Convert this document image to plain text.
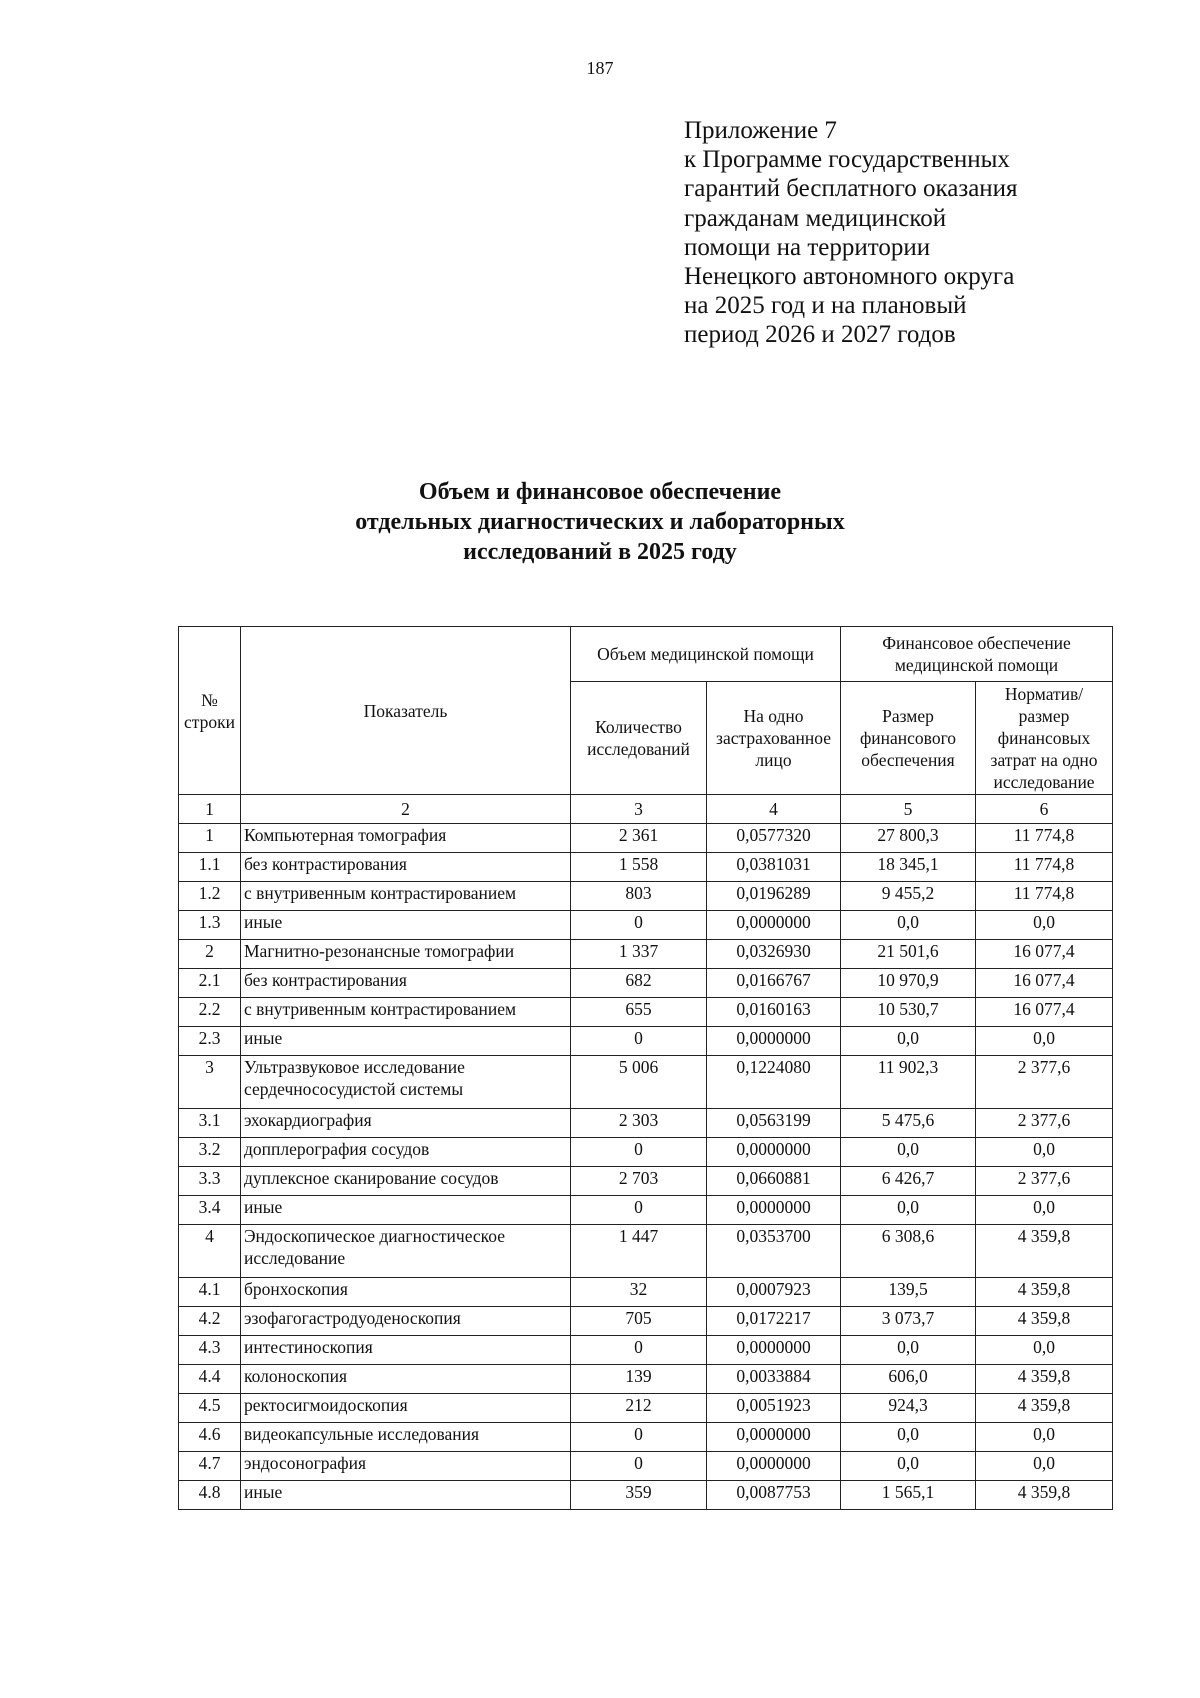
187
Приложение 7
к Программе государственных
гарантий бесплатного оказания
гражданам медицинской
помощи на территории
Ненецкого автономного округа
на 2025 год и на плановый
период 2026 и 2027 годов
Объем и финансовое обеспечение
отдельных диагностических и лабораторных
исследований в 2025 году
№ строки	Показатель	Объем медицинской помощи		Финансовое обеспечение медицинской помощи	
		Количество исследований	На одно застрахованное лицо	Размер финансового обеспечения	Норматив/ размер финансовых затрат на одно исследование
1	2	3	4	5	6
1	Компьютерная томография	2 361	0,0577320	27 800,3	11 774,8
1.1	без контрастирования	1 558	0,0381031	18 345,1	11 774,8
1.2	с внутривенным контрастированием	803	0,0196289	9 455,2	11 774,8
1.3	иные	0	0,0000000	0,0	0,0
2	Магнитно-резонансные томографии	1 337	0,0326930	21 501,6	16 077,4
2.1	без контрастирования	682	0,0166767	10 970,9	16 077,4
2.2	с внутривенным контрастированием	655	0,0160163	10 530,7	16 077,4
2.3	иные	0	0,0000000	0,0	0,0
3	Ультразвуковое исследование сердечнососудистой системы	5 006	0,1224080	11 902,3	2 377,6
3.1	эхокардиография	2 303	0,0563199	5 475,6	2 377,6
3.2	допплерография сосудов	0	0,0000000	0,0	0,0
3.3	дуплексное сканирование сосудов	2 703	0,0660881	6 426,7	2 377,6
3.4	иные	0	0,0000000	0,0	0,0
4	Эндоскопическое диагностическое исследование	1 447	0,0353700	6 308,6	4 359,8
4.1	бронхоскопия	32	0,0007923	139,5	4 359,8
4.2	эзофагогастродуоденоскопия	705	0,0172217	3 073,7	4 359,8
4.3	интестиноскопия	0	0,0000000	0,0	0,0
4.4	колоноскопия	139	0,0033884	606,0	4 359,8
4.5	ректосигмоидоскопия	212	0,0051923	924,3	4 359,8
4.6	видеокапсульные исследования	0	0,0000000	0,0	0,0
4.7	эндосонография	0	0,0000000	0,0	0,0
4.8	иные	359	0,0087753	1 565,1	4 359,8
